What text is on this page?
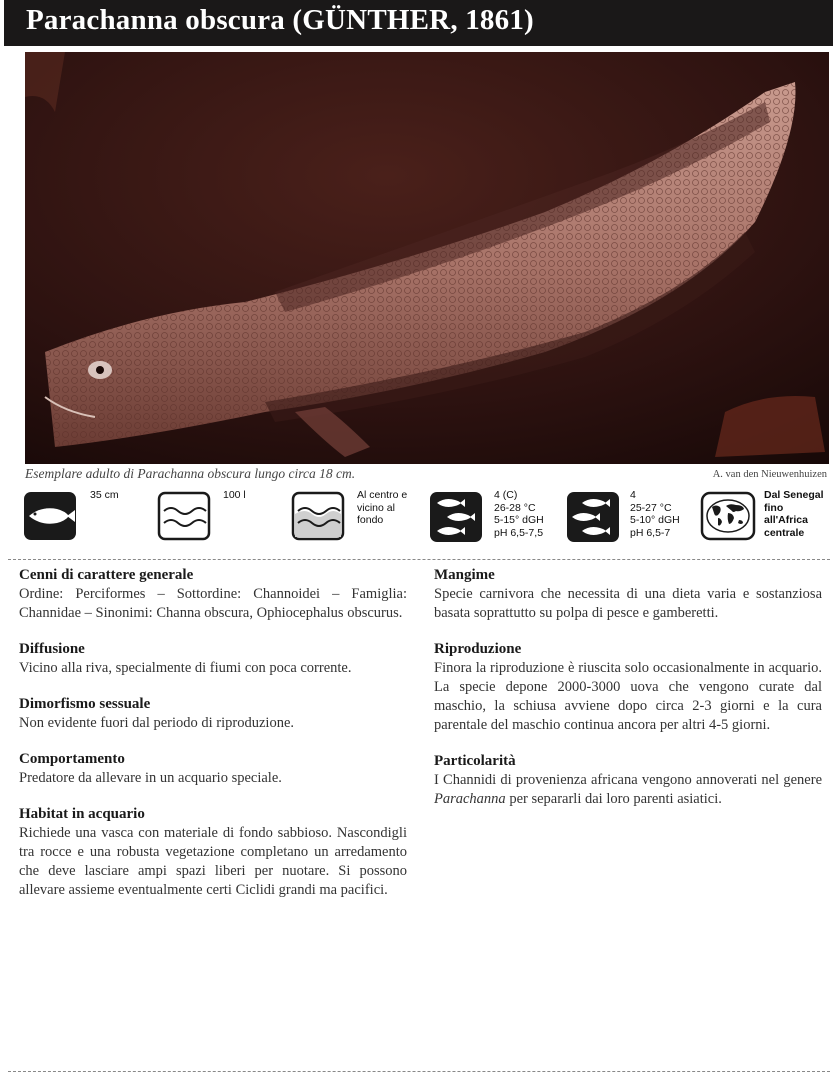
Parachanna obscura (GÜNTHER, 1861)
Esemplare adulto di Parachanna obscura lungo circa 18 cm.	A. van den Nieuwenhuizen
35 cm	100 l	Al centro e
vicino al
fondo
4 (C)
26-28 °C
5-15° dGH
pH 6,5-7,5
4
25-27 °C
5-10° dGH
pH 6,5-7
Dal Senegal
fino
all'Africa
centrale
Cenni di carattere generale

Ordine: Perciformes – Sottordine: Channoidei – Famiglia: Channidae – Sinonimi: Channa obscura, Ophiocephalus obscurus.

Diffusione

Vicino alla riva, specialmente di fiumi con poca corrente.

Dimorfismo sessuale

Non evidente fuori dal periodo di riproduzione.

Comportamento

Predatore da allevare in un acquario speciale.

Habitat in acquario

Richiede una vasca con materiale di fondo sabbioso. Nascondigli tra rocce e una robusta vegetazione completano un arredamento che deve lasciare ampi spazi liberi per nuotare. Si possono allevare assieme eventualmente certi Ciclidi grandi ma pacifici.

Mangime

Specie carnivora che necessita di una dieta varia e sostanziosa basata soprattutto su polpa di pesce e gamberetti.

Riproduzione

Finora la riproduzione è riuscita solo occasionalmente in acquario. La specie depone 2000-3000 uova che vengono curate dal maschio, la schiusa avviene dopo circa 2-3 giorni e la cura parentale del maschio continua ancora per altri 4-5 giorni.

Particolarità

I Channidi di provenienza africana vengono annoverati nel genere Parachanna per separarli dai loro parenti asiatici.
